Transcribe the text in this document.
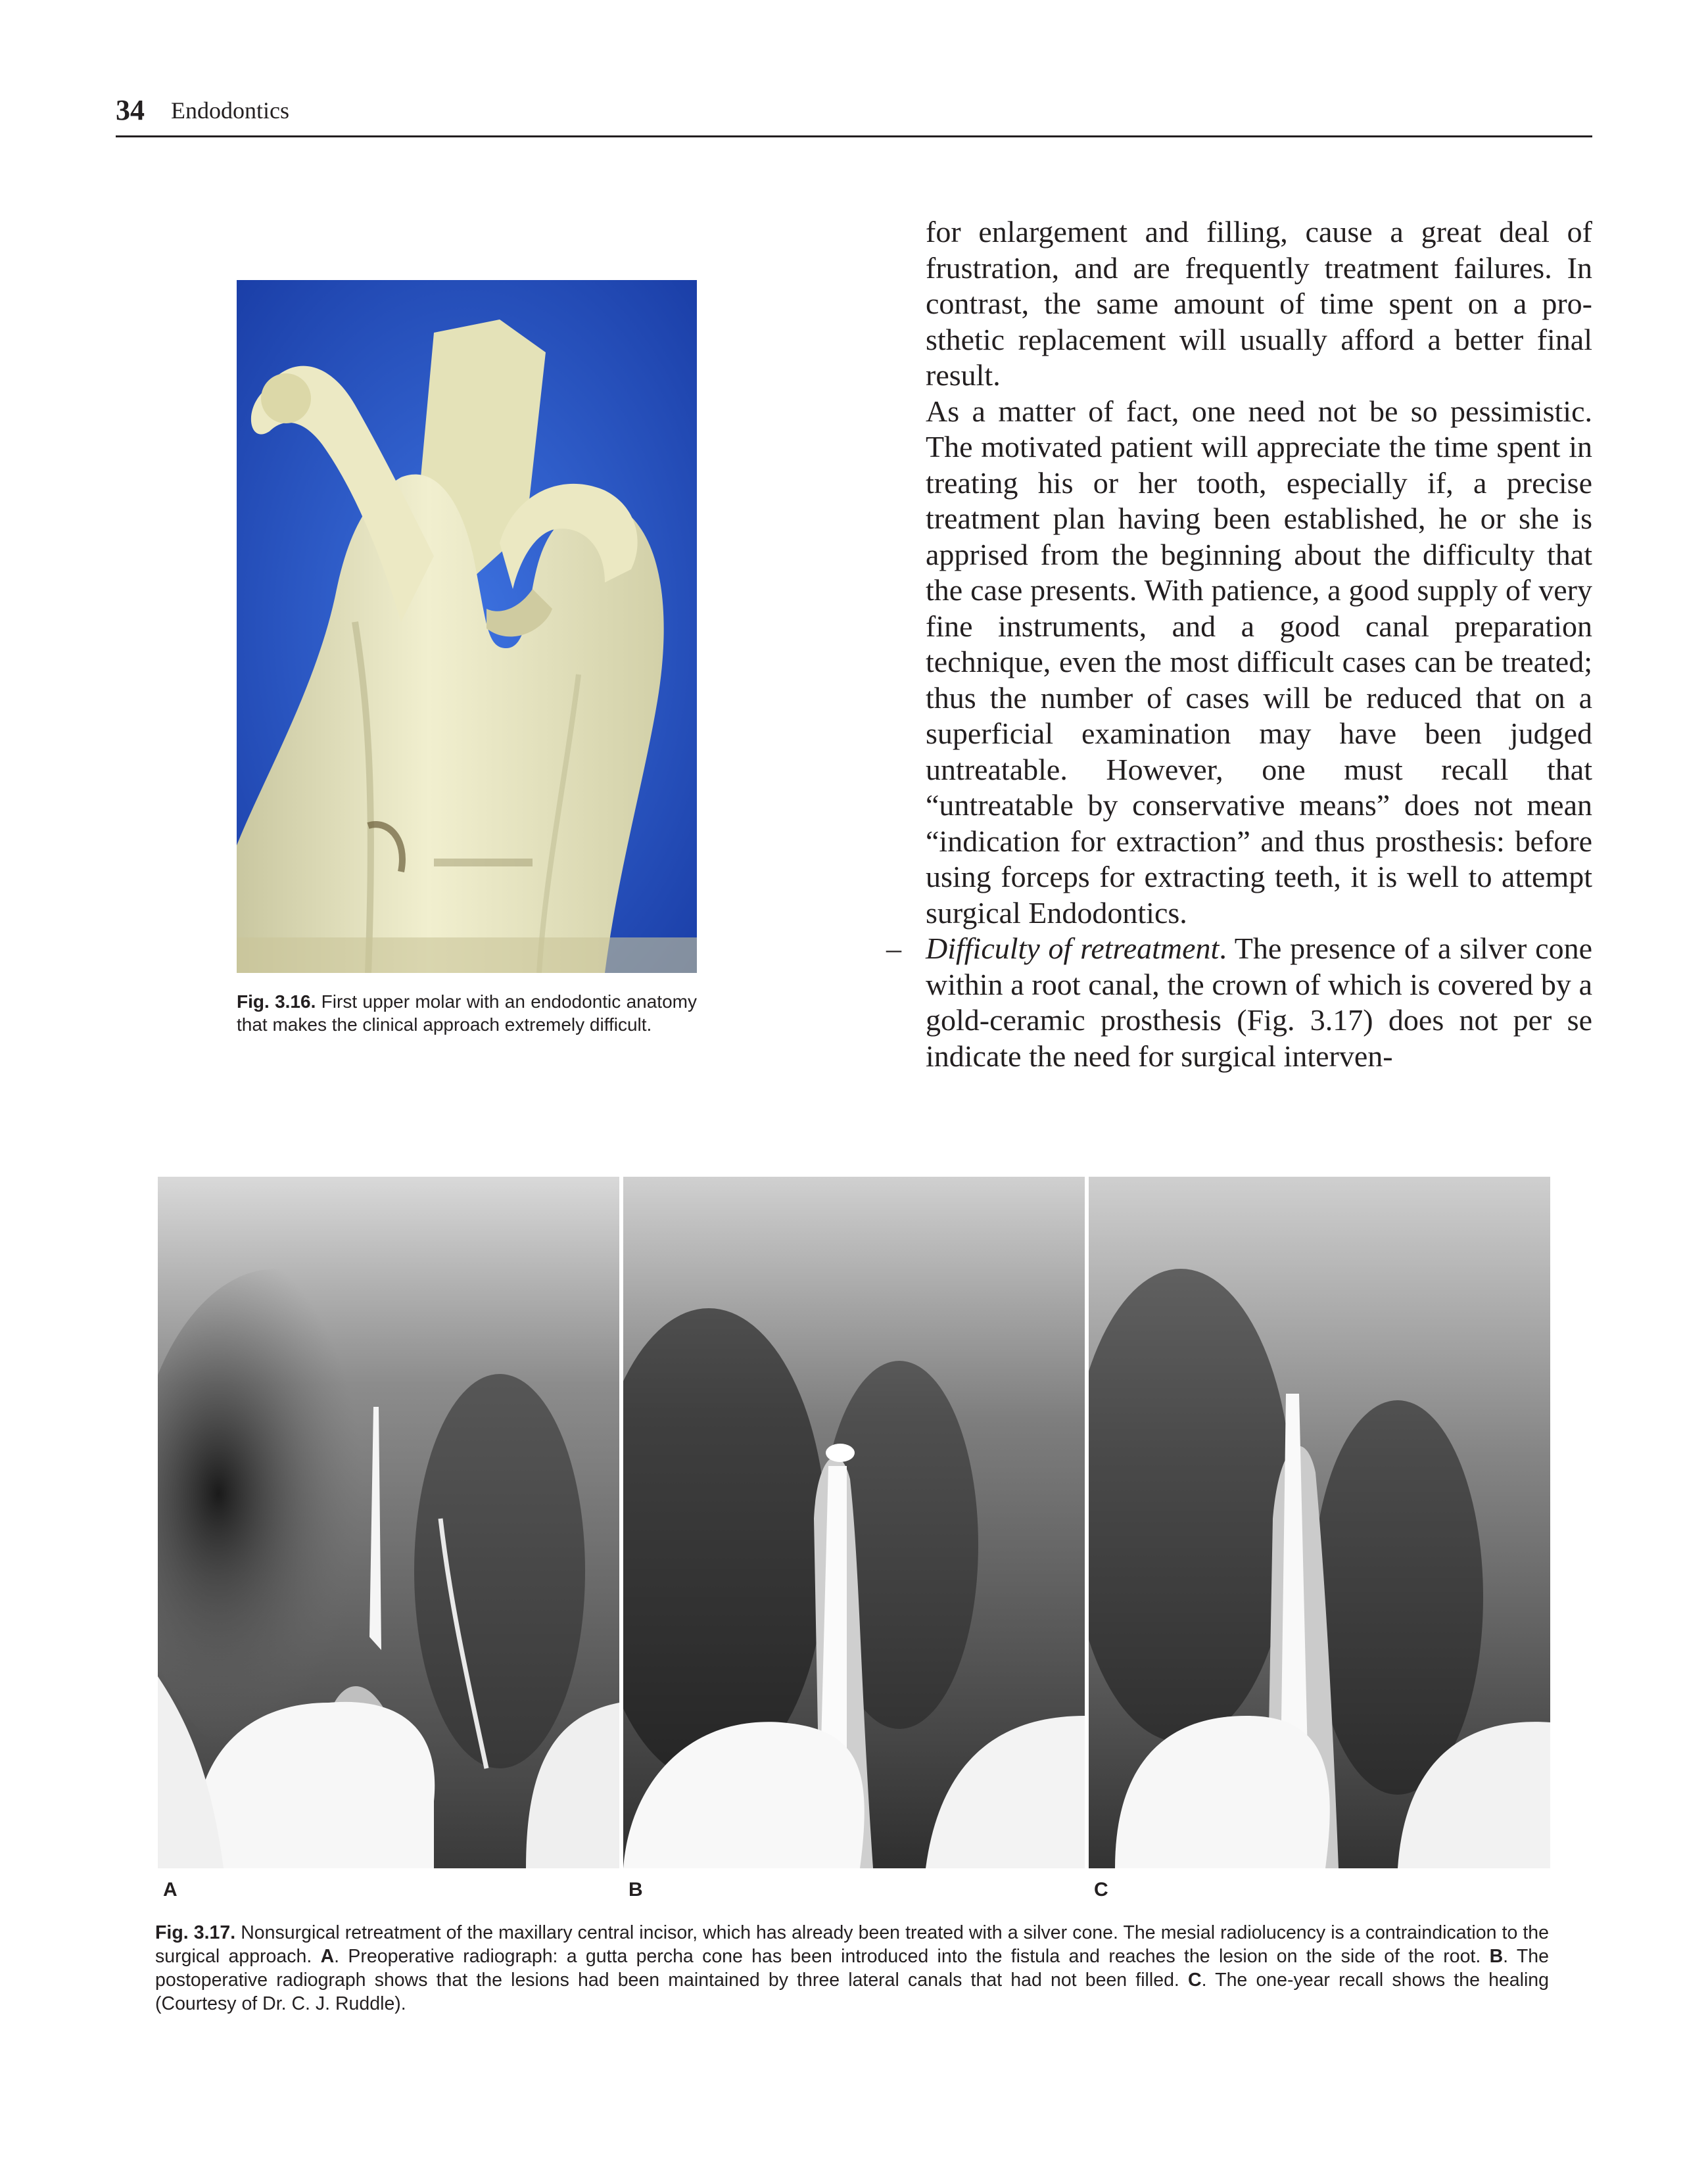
34 Endodontics

for enlargement and filling, cause a great deal of frustration, and are frequently treatment failures. In contrast, the same amount of time spent on a prosthetic replacement will usually afford a better final result.

As a matter of fact, one need not be so pessimistic. The motivated patient will appreciate the time spent in treating his or her tooth, especially if, a precise treatment plan having been established, he or she is apprised from the beginning about the difficulty that the case presents. With patience, a good supply of very fine instruments, and a good canal preparation technique, even the most difficult cases can be treated; thus the number of cases will be reduced that on a superficial examination may have been judged untreatable. However, one must recall that “untreatable by conservative means” does not mean “indication for extraction” and thus prosthesis: before using forceps for extracting teeth, it is well to attempt surgical Endodontics.

– Difficulty of retreatment. The presence of a silver cone within a root canal, the crown of which is covered by a gold-ceramic prosthesis (Fig. 3.17) does not per se indicate the need for surgical interven-

Fig. 3.16. First upper molar with an endodontic anatomy that makes the clinical approach extremely difficult.
A	B	C
Fig. 3.17. Nonsurgical retreatment of the maxillary central incisor, which has already been treated with a silver cone. The mesial radiolucency is a contraindication to the surgical approach. A. Preoperative radiograph: a gutta percha cone has been introduced into the fistula and reaches the lesion on the side of the root. B. The postoperative radiograph shows that the lesions had been maintained by three lateral canals that had not been filled. C. The one-year recall shows the healing (Courtesy of Dr. C. J. Ruddle).
